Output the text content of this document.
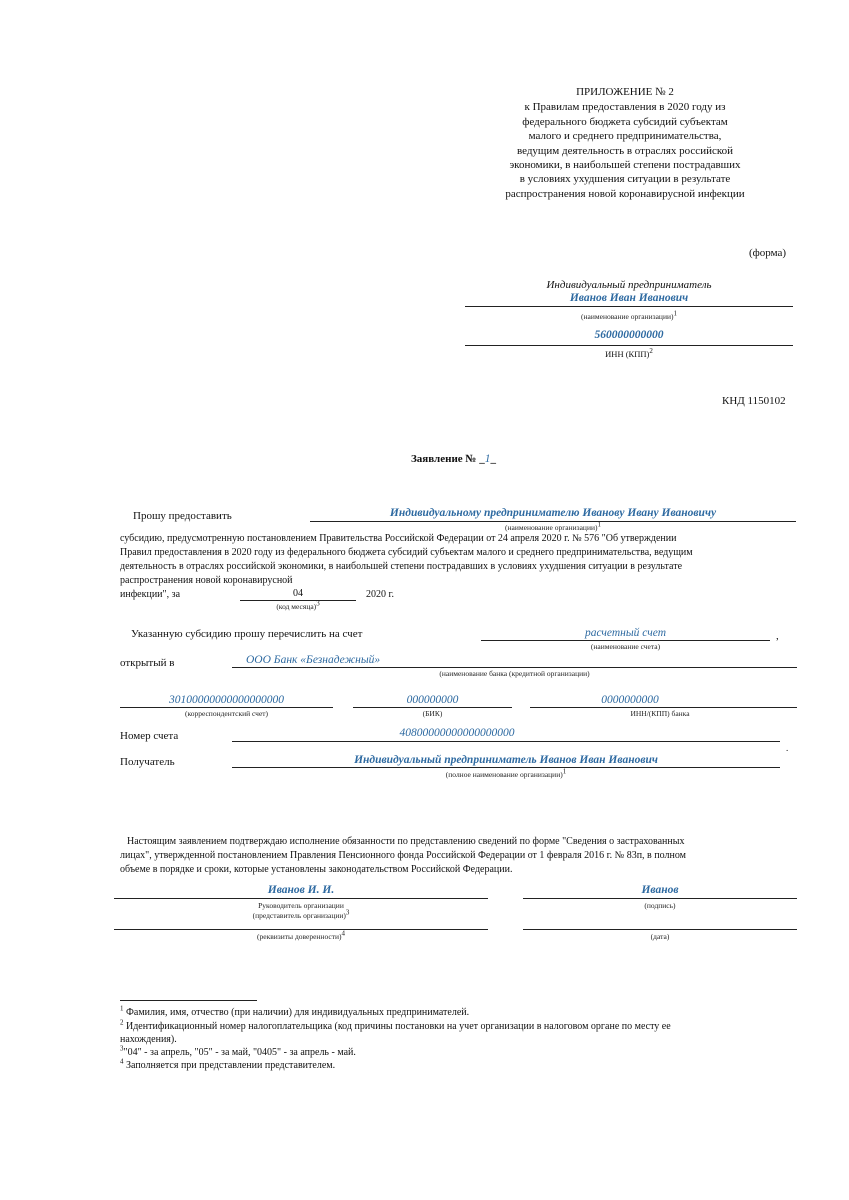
ПРИЛОЖЕНИЕ № 2
к Правилам предоставления в 2020 году из
федерального бюджета субсидий субъектам
малого и среднего предпринимательства,
ведущим деятельность в отраслях российской
экономики, в наибольшей степени пострадавших
в условиях ухудшения ситуации в результате
распространения новой коронавирусной инфекции
(форма)
Индивидуальный предприниматель
Иванов Иван Иванович
(наименование организации)$^1$
560000000000
ИНН (КПП)$^2$
КНД 1150102
Заявление № _1_
Прошу предоставить	Индивидуальному предпринимателю Иванову Ивану Ивановичу
(наименование организации)$^1$
субсидию, предусмотренную постановлением Правительства Российской Федерации от 24 апреля 2020 г. № 576 "Об утверждении
Правил предоставления в 2020 году из федерального бюджета субсидий субъектам малого и среднего предпринимательства, ведущим
деятельность в отраслях российской экономики, в наибольшей степени пострадавших в условиях ухудшения ситуации в результате
распространения новой коронавирусной
инфекции", за	04
(код месяца)$^3$
2020 г.
Указанную субсидию прошу перечислить на счет	расчетный счет	,
(наименование счета)
открытый в	ООО Банк «Безнадежный»
(наименование банка (кредитной организации)
30100000000000000000
(корреспондентский счет)
000000000
(БИК)
0000000000
ИНН/(КПП) банка
Номер счета	40800000000000000000
.
Получатель	Индивидуальный предприниматель Иванов Иван Иванович
(полное наименование организации)$^1$
Настоящим заявлением подтверждаю исполнение обязанности по представлению сведений по форме "Сведения о застрахованных
лицах", утвержденной постановлением Правления Пенсионного фонда Российской Федерации от 1 февраля 2016 г. № 83п, в полном
объеме в порядке и сроки, которые установлены законодательством Российской Федерации.
Иванов И. И.
Руководитель организации
(представитель организации)$^3$
Иванов
(подпись)
(реквизиты доверенности)$^4$	(дата)
$^1$ Фамилия, имя, отчество (при наличии) для индивидуальных предпринимателей.
$^2$ Идентификационный номер налогоплательщика (код причины постановки на учет организации в налоговом органе по месту ее
нахождения).
$^3$"04" - за апрель, "05" - за май, "0405" - за апрель - май.
$^4$ Заполняется при представлении представителем.
